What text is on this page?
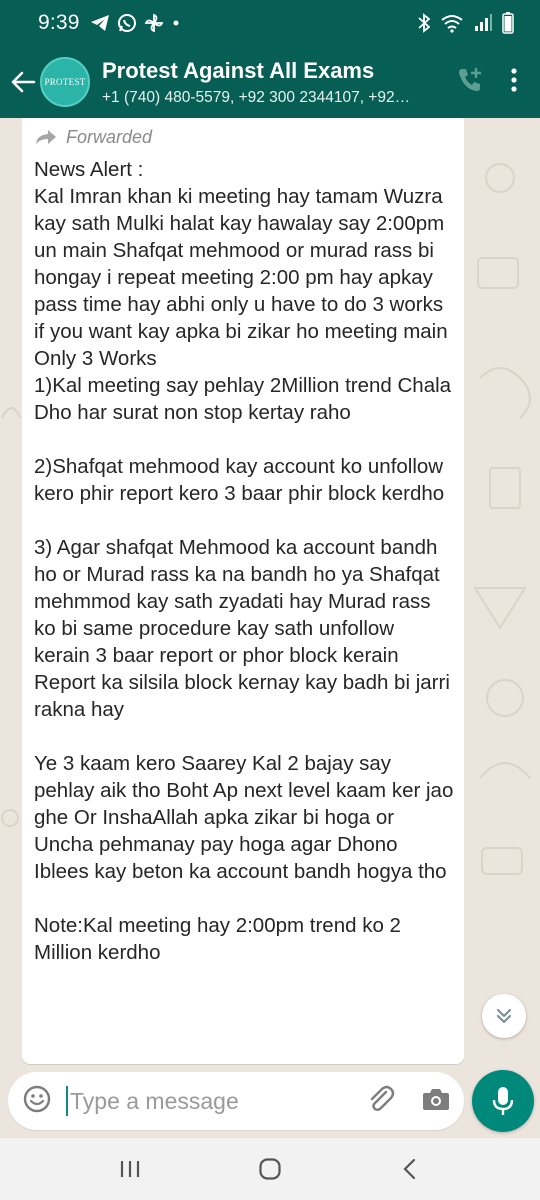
9:39
PROTEST Protest Against All Exams
+1 (740) 480-5579, +92 300 2344107, +92…
Forwarded
News Alert :
Kal Imran khan ki meeting hay tamam Wuzra kay sath Mulki halat kay hawalay say 2:00pm un main Shafqat mehmood or murad rass bi hongay i repeat meeting 2:00 pm hay apkay pass time hay abhi only u have to do 3 works if you want kay apka bi zikar ho meeting main
Only 3 Works
1)Kal meeting say pehlay 2Million trend Chala Dho har surat non stop kertay raho

2)Shafqat mehmood kay account ko unfollow kero phir report kero 3 baar phir block kerdho

3) Agar shafqat Mehmood ka account bandh ho or Murad rass ka na bandh ho ya Shafqat mehmmod kay sath zyadati hay Murad rass ko bi same procedure kay sath unfollow kerain 3 baar report or phor block kerain
Report ka silsila block kernay kay badh bi jarri rakna hay

Ye 3 kaam kero Saarey Kal 2 bajay say pehlay aik tho Boht Ap next level kaam ker jao ghe Or InshaAllah apka zikar bi hoga or Uncha pehmanay pay hoga agar Dhono Iblees kay beton ka account bandh hogya tho

Note:Kal meeting hay 2:00pm trend ko 2 Million kerdho
Type a message
